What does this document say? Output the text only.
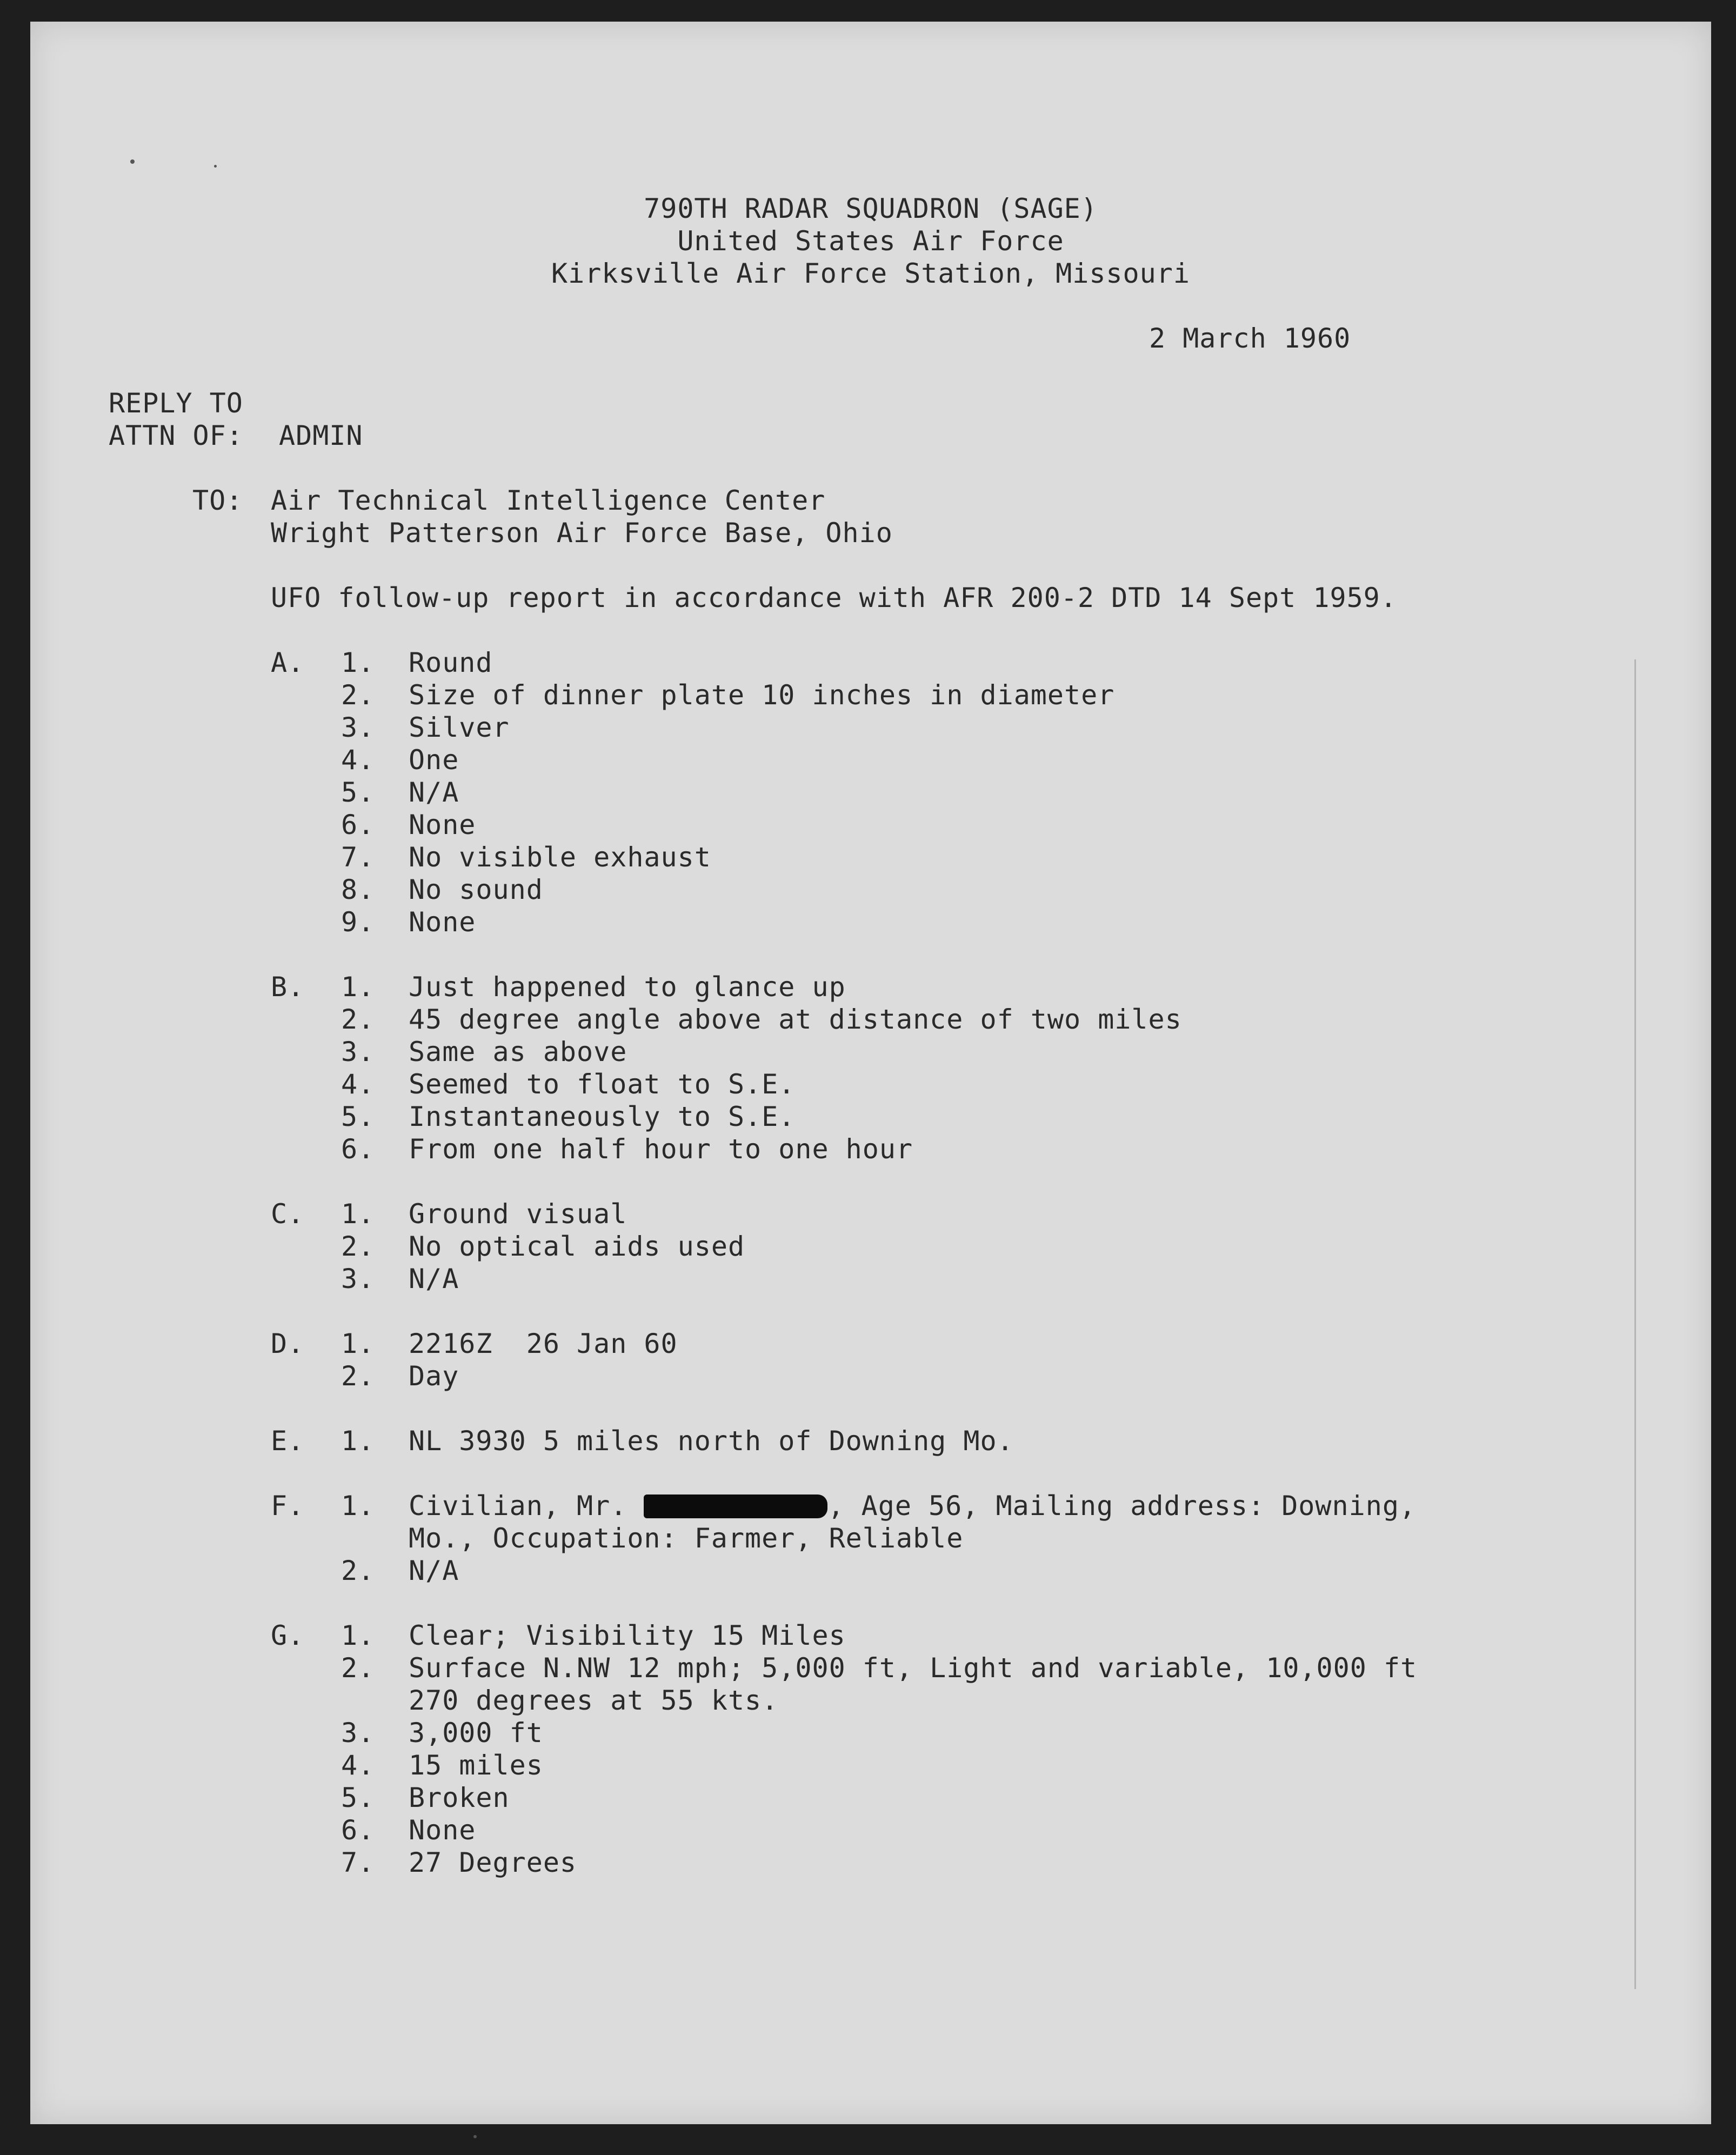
790TH RADAR SQUADRON (SAGE)
United States Air Force
Kirksville Air Force Station, Missouri
2 March 1960
REPLY TO
ATTN OF: ADMIN
TO: Air Technical Intelligence Center
Wright Patterson Air Force Base, Ohio
UFO follow-up report in accordance with AFR 200-2 DTD 14 Sept 1959.
A. 1. Round
2. Size of dinner plate 10 inches in diameter
3. Silver
4. One
5. N/A
6. None
7. No visible exhaust
8. No sound
9. None
B. 1. Just happened to glance up
2. 45 degree angle above at distance of two miles
3. Same as above
4. Seemed to float to S.E.
5. Instantaneously to S.E.
6. From one half hour to one hour
C. 1. Ground visual
2. No optical aids used
3. N/A
D. 1. 2216Z  26 Jan 60
2. Day
E. 1. NL 3930 5 miles north of Downing Mo.
F. 1. Civilian, Mr.	, Age 56, Mailing address: Downing,
Mo., Occupation: Farmer, Reliable
2. N/A
G. 1. Clear; Visibility 15 Miles
2. Surface N.NW 12 mph; 5,000 ft, Light and variable, 10,000 ft
270 degrees at 55 kts.
3. 3,000 ft
4. 15 miles
5. Broken
6. None
7. 27 Degrees
